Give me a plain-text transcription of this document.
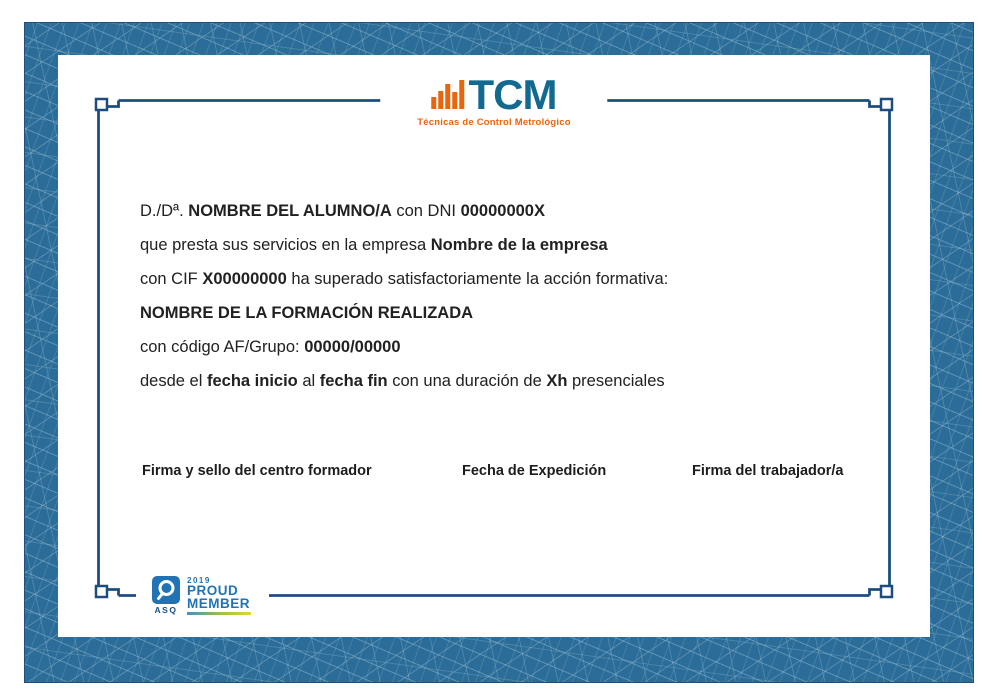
TCM
Técnicas de Control Metrológico
D./Dª. NOMBRE DEL ALUMNO/A con DNI 00000000X
que presta sus servicios en la empresa Nombre de la empresa
con CIF X00000000 ha superado satisfactoriamente la acción formativa:
NOMBRE DE LA FORMACIÓN REALIZADA
con código AF/Grupo: 00000/00000
desde el fecha inicio al fecha fin con una duración de Xh presenciales
Firma y sello del centro formador	Fecha de Expedición	Firma del trabajador/a
ASQ
2019
PROUD
MEMBER
